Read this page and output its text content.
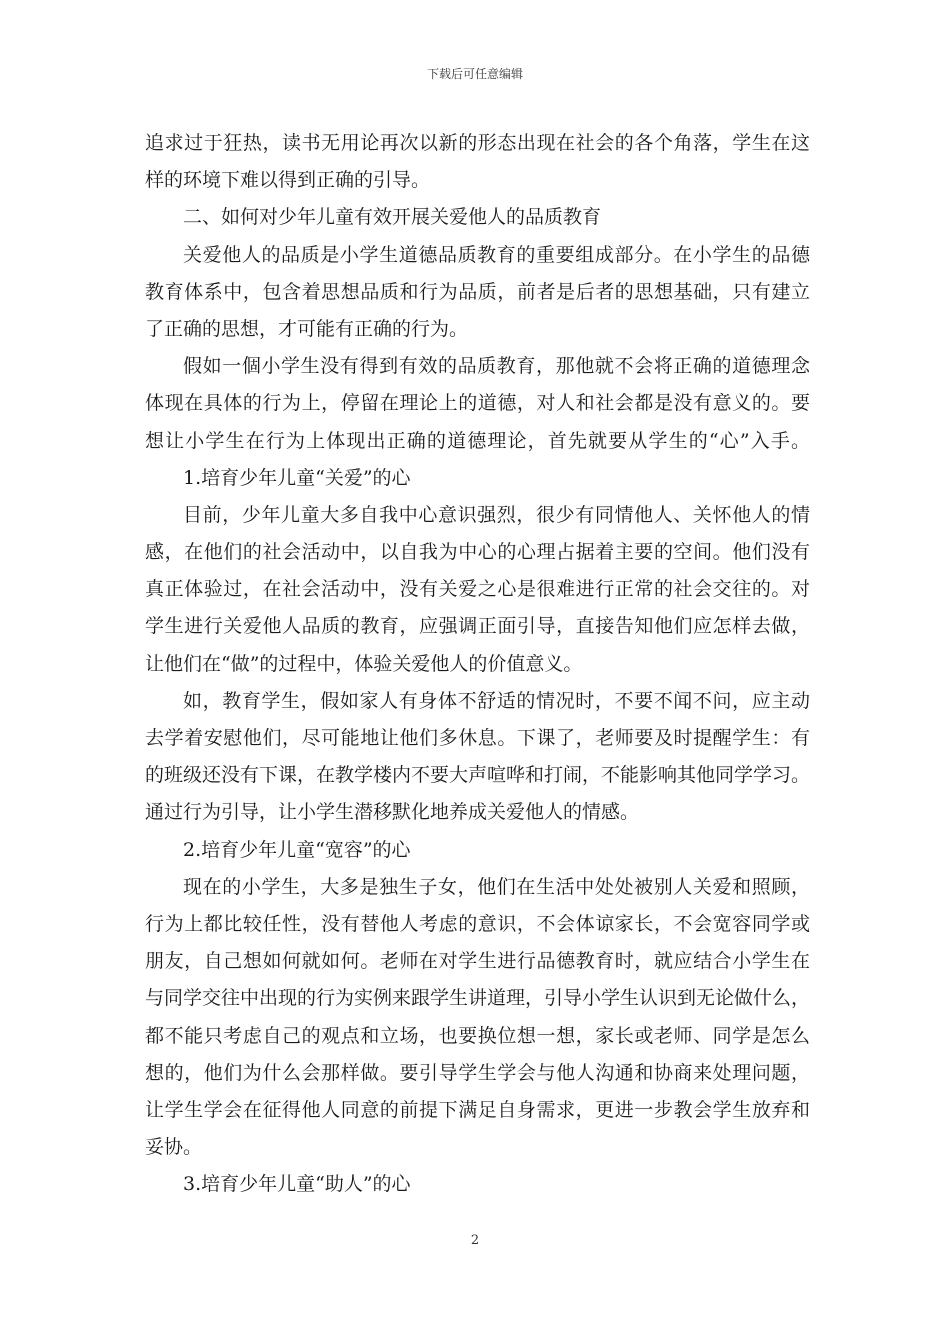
下载后可任意编辑
追求过于狂热，读书无用论再次以新的形态出现在社会的各个角落，学生在这
样的环境下难以得到正确的引导。
二、如何对少年儿童有效开展关爱他人的品质教育
关爱他人的品质是小学生道德品质教育的重要组成部分。在小学生的品德
教育体系中，包含着思想品质和行为品质，前者是后者的思想基础，只有建立
了正确的思想，才可能有正确的行为。
假如一個小学生没有得到有效的品质教育，那他就不会将正确的道德理念
体现在具体的行为上，停留在理论上的道德，对人和社会都是没有意义的。要
想让小学生在行为上体现出正确的道德理论，首先就要从学生的“心”入手。
1.培育少年儿童“关爱”的心
目前，少年儿童大多自我中心意识强烈，很少有同情他人、关怀他人的情
感，在他们的社会活动中，以自我为中心的心理占据着主要的空间。他们没有
真正体验过，在社会活动中，没有关爱之心是很难进行正常的社会交往的。对
学生进行关爱他人品质的教育，应强调正面引导，直接告知他们应怎样去做，
让他们在“做”的过程中，体验关爱他人的价值意义。
如，教育学生，假如家人有身体不舒适的情况时，不要不闻不问，应主动
去学着安慰他们，尽可能地让他们多休息。下课了，老师要及时提醒学生：有
的班级还没有下课，在教学楼内不要大声喧哗和打闹，不能影响其他同学学习。
通过行为引导，让小学生潜移默化地养成关爱他人的情感。
2.培育少年儿童“宽容”的心
现在的小学生，大多是独生子女，他们在生活中处处被别人关爱和照顾，
行为上都比较任性，没有替他人考虑的意识，不会体谅家长，不会宽容同学或
朋友，自己想如何就如何。老师在对学生进行品德教育时，就应结合小学生在
与同学交往中出现的行为实例来跟学生讲道理，引导小学生认识到无论做什么，
都不能只考虑自己的观点和立场，也要换位想一想，家长或老师、同学是怎么
想的，他们为什么会那样做。要引导学生学会与他人沟通和协商来处理问题，
让学生学会在征得他人同意的前提下满足自身需求，更进一步教会学生放弃和
妥协。
3.培育少年儿童“助人”的心
2
